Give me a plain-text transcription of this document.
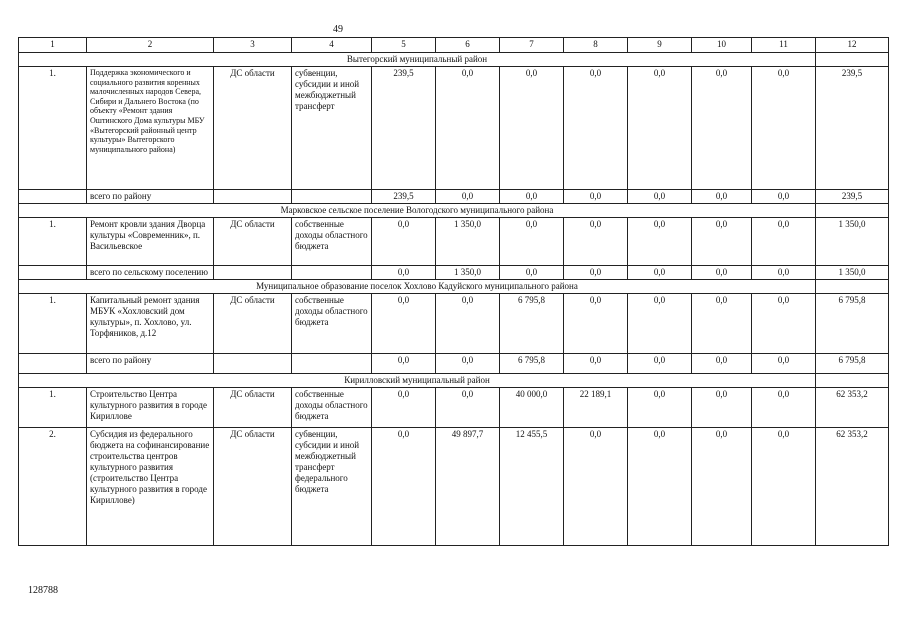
49
1	2	3	4	5	6	7	8	9	10	11	12
Вытегорский муниципальный район											
1.	Поддержка экономического и социального развития коренных малочисленных народов Севера, Сибири и Дальнего Востока (по объекту «Ремонт здания Оштинского Дома культуры МБУ «Вытегорский районный центр культуры» Вытегорского муниципального района)	ДС области	субвенции, субсидии и иной межбюджетный трансферт	239,5	0,0	0,0	0,0	0,0	0,0	0,0	239,5
	всего по району			239,5	0,0	0,0	0,0	0,0	0,0	0,0	239,5
Марковское сельское поселение Вологодского муниципального района											
1.	Ремонт кровли здания Дворца культуры «Современник», п. Васильевское	ДС области	собственные доходы областного бюджета	0,0	1 350,0	0,0	0,0	0,0	0,0	0,0	1 350,0
	всего по сельскому поселению			0,0	1 350,0	0,0	0,0	0,0	0,0	0,0	1 350,0
Муниципальное образование поселок Хохлово Кадуйского муниципального района											
1.	Капитальный ремонт здания МБУК «Хохловский дом культуры», п. Хохлово, ул. Торфяников, д.12	ДС области	собственные доходы областного бюджета	0,0	0,0	6 795,8	0,0	0,0	0,0	0,0	6 795,8
	всего по району			0,0	0,0	6 795,8	0,0	0,0	0,0	0,0	6 795,8
Кирилловский муниципальный район											
1.	Строительство Центра культурного развития в городе Кириллове	ДС области	собственные доходы областного бюджета	0,0	0,0	40 000,0	22 189,1	0,0	0,0	0,0	62 353,2
2.	Субсидия из федерального бюджета на софинансирование строительства центров культурного развития (строительство Центра культурного развития в городе Кириллове)	ДС области	субвенции, субсидии и иной межбюджетный трансферт федерального бюджета	0,0	49 897,7	12 455,5	0,0	0,0	0,0	0,0	62 353,2
128788
